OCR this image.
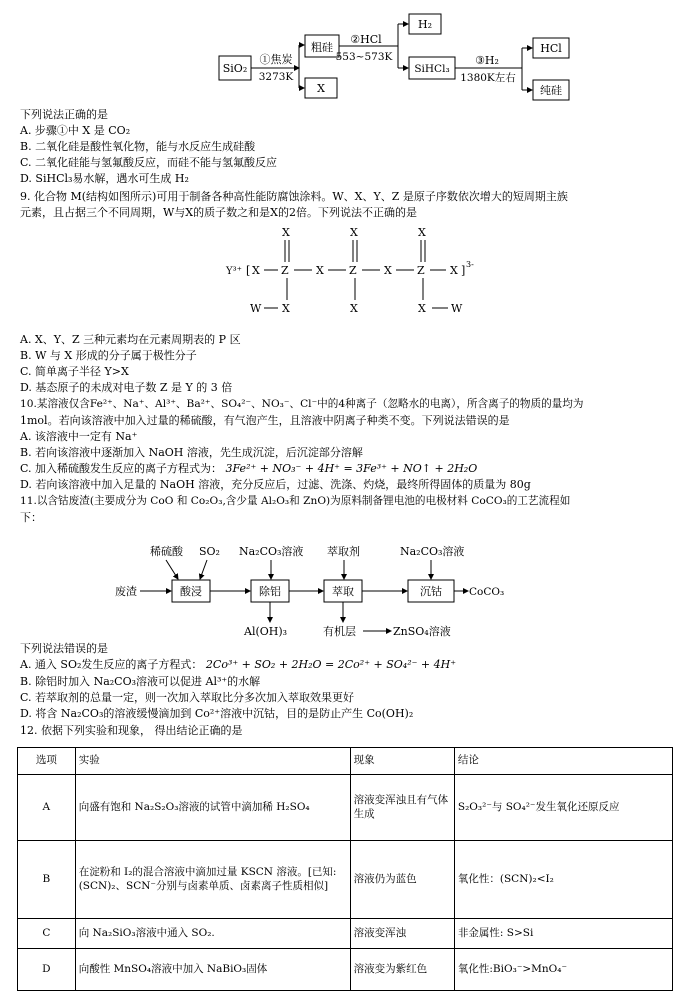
SiO₂
①焦炭
3273K
粗硅
X
②HCl
553~573K
H₂
SiHCl₃
③H₂
1380K左右
HCl
纯硅
下列说法正确的是
A. 步骤①中 X 是 CO₂
B. 二氧化硅是酸性氧化物，能与水反应生成硅酸
C. 二氧化硅能与氢氟酸反应，而硅不能与氢氟酸反应
D. SiHCl₃易水解，遇水可生成 H₂
9. 化合物 M(结构如图所示)可用于制备各种高性能防腐蚀涂料。W、X、Y、Z 是原子序数依次增大的短周期主族
元素，且占据三个不同周期，W与X的质子数之和是X的2倍。下列说法不正确的是
Y³⁺ [ X Z
X
X
W
X Z
X
X
X Z
X
X W
X ] 3-
A. X、Y、Z 三种元素均在元素周期表的 P 区
B. W 与 X 形成的分子属于极性分子
C. 简单离子半径 Y>X
D. 基态原子的未成对电子数 Z 是 Y 的 3 倍
10.某溶液仅含Fe²⁺、Na⁺、Al³⁺、Ba²⁺、SO₄²⁻、NO₃⁻、Cl⁻中的4种离子（忽略水的电离），所含离子的物质的量均为
1mol。若向该溶液中加入过量的稀硫酸，有气泡产生，且溶液中阴离子种类不变。下列说法错误的是
A. 该溶液中一定有 Na⁺
B. 若向该溶液中逐渐加入 NaOH 溶液，先生成沉淀，后沉淀部分溶解
C. 加入稀硫酸发生反应的离子方程式为： 3Fe²⁺ + NO₃⁻ + 4H⁺ = 3Fe³⁺ + NO↑ + 2H₂O
D. 若向该溶液中加入足量的 NaOH 溶液，充分反应后，过滤、洗涤、灼烧，最终所得固体的质量为 80g
11.以含钴废渣(主要成分为 CoO 和 Co₂O₃,含少量 Al₂O₃和 ZnO)为原料制备锂电池的电极材料 CoCO₃的工艺流程如
下：
稀硫酸 SO₂ Na₂CO₃溶液 萃取剂	Na₂CO₃溶液
废渣	酸浸	除铝	萃取	沉钴	CoCO₃
Al(OH)₃	有机层	ZnSO₄溶液
下列说法错误的是
A. 通入 SO₂发生反应的离子方程式： 2Co³⁺ + SO₂ + 2H₂O = 2Co²⁺ + SO₄²⁻ + 4H⁺
B. 除铝时加入 Na₂CO₃溶液可以促进 Al³⁺的水解
C. 若萃取剂的总量一定，则一次加入萃取比分多次加入萃取效果更好
D. 将含 Na₂CO₃的溶液缓慢滴加到 Co²⁺溶液中沉钴，目的是防止产生 Co(OH)₂
12. 依据下列实验和现象， 得出结论正确的是
选项	实验	现象	结论
A	向盛有饱和 Na₂S₂O₃溶液的试管中滴加稀 H₂SO₄	溶液变浑浊且有气体生成	S₂O₃²⁻与 SO₄²⁻发生氧化还原反应
B	在淀粉和 I₂的混合溶液中滴加过量 KSCN 溶液。[已知: (SCN)₂、SCN⁻分别与卤素单质、卤素离子性质相似]	溶液仍为蓝色	氧化性：(SCN)₂<I₂
C	向 Na₂SiO₃溶液中通入 SO₂.	溶液变浑浊	非金属性: S>Si
D	向酸性 MnSO₄溶液中加入 NaBiO₃固体	溶液变为紫红色	氧化性:BiO₃⁻>MnO₄⁻
